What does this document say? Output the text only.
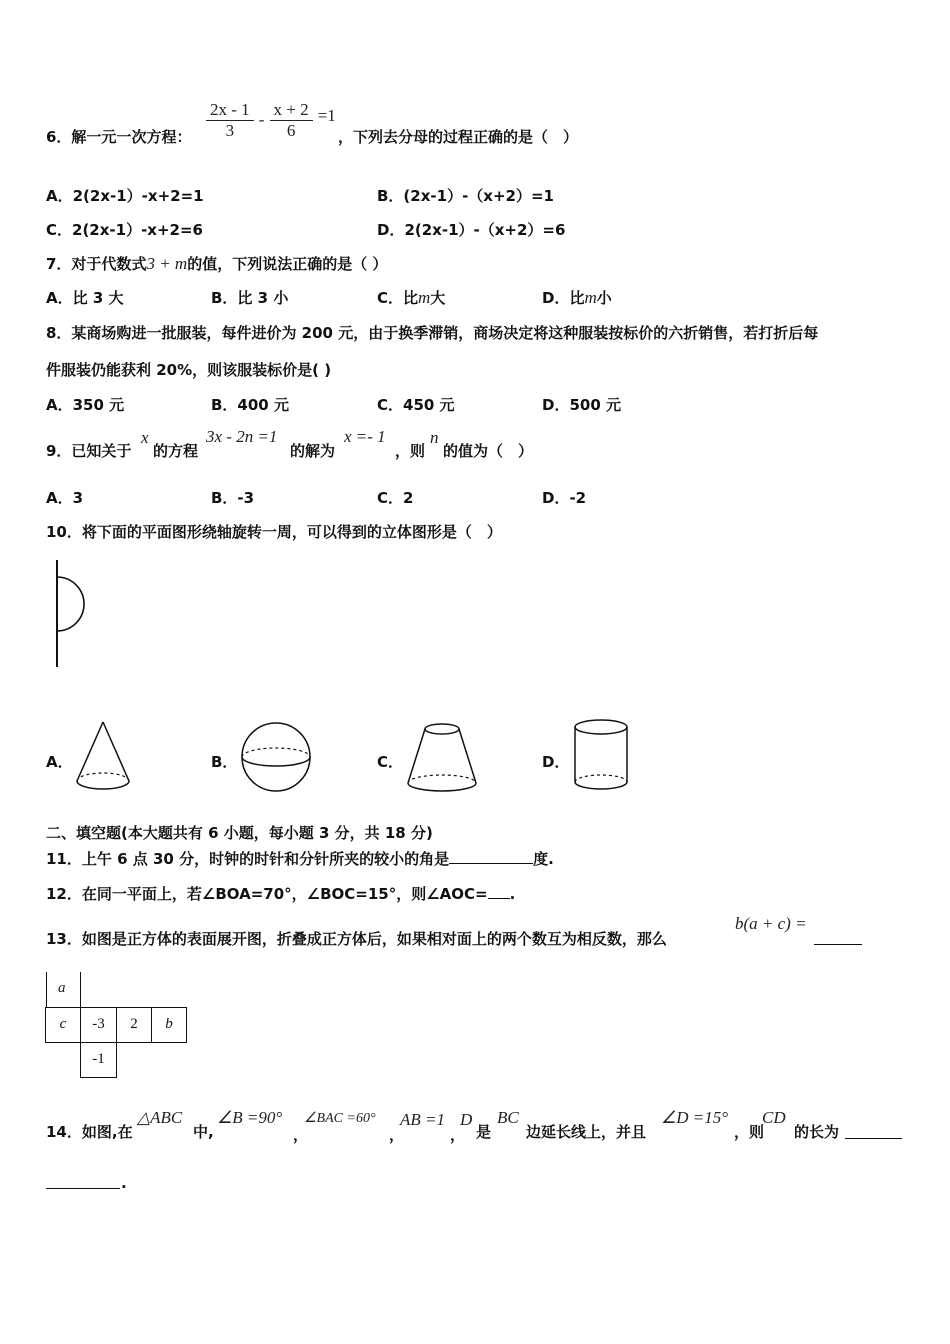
6．解一元一次方程： $\frac{2x - 1}{3} - \frac{x + 2}{6} =1$
，下列去分母的过程正确的是（　）
A．2(2x-1）-x+2=1	B．(2x-1）-（x+2）=1
C．2(2x-1）-x+2=6	D．2(2x-1）-（x+2）=6
7．对于代数式3 + m的值，下列说法正确的是（ ）
A．比 3 大	B．比 3 小	C．比m大	D．比m小
8．某商场购进一批服装，每件进价为 200 元，由于换季滞销，商场决定将这种服装按标价的六折销售，若打折后每
件服装仍能获利 20%，则该服装标价是( )
A．350 元	B．400 元	C．450 元	D．500 元
9．已知关于
x
的方程
3x - 2n =1
的解为
x =- 1
，则
n
的值为（　）
A．3	B．-3	C．2	D．-2
10．将下面的平面图形绕轴旋转一周，可以得到的立体图形是（　）
A．	B．	C．	D．
二、填空题(本大题共有 6 小题，每小题 3 分，共 18 分)
11．上午 6 点 30 分，时钟的时针和分针所夹的较小的角是	度.
12．在同一平面上，若∠BOA=70°，∠BOC=15°，则∠AOC= .
13．如图是正方体的表面展开图，折叠成正方体后，如果相对面上的两个数互为相反数，那么
b(a + c) =
a
c	-3	2	b
-1
14．如图,在
△ABC
中,
∠B =90°
，
∠BAC =60°
，
AB =1
，
D
是
BC
边延长线上，并且
∠D =15°
，则
CD
的长为
.
